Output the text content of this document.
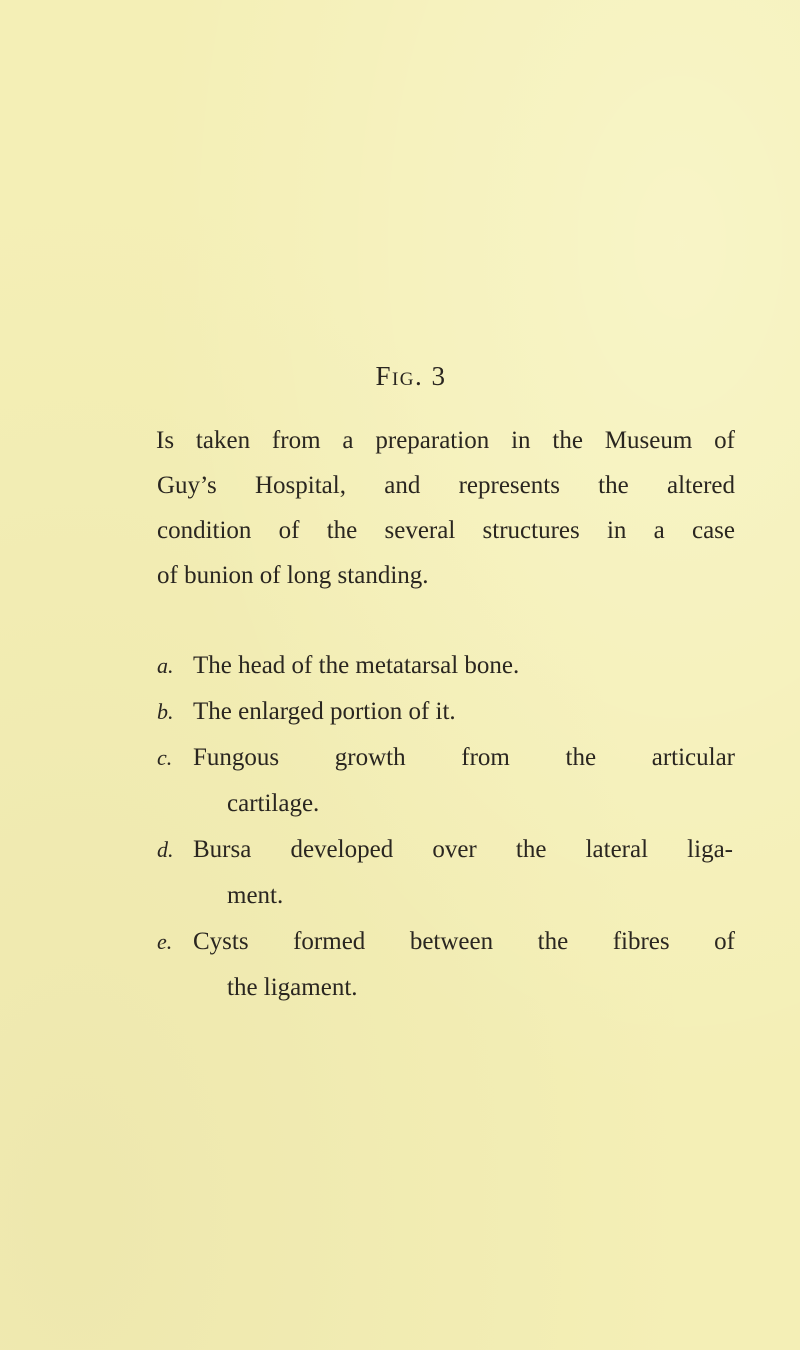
Fig. 3

Is taken from a preparation in the Museum of
Guy’s Hospital, and represents the altered
condition of the several structures in a case
of bunion of long standing.

a. The head of the metatarsal bone.
b. The enlarged portion of it.
c. Fungous growth from the articular
cartilage.
d. Bursa developed over the lateral liga-
ment.
e. Cysts formed between the fibres of
the ligament.
